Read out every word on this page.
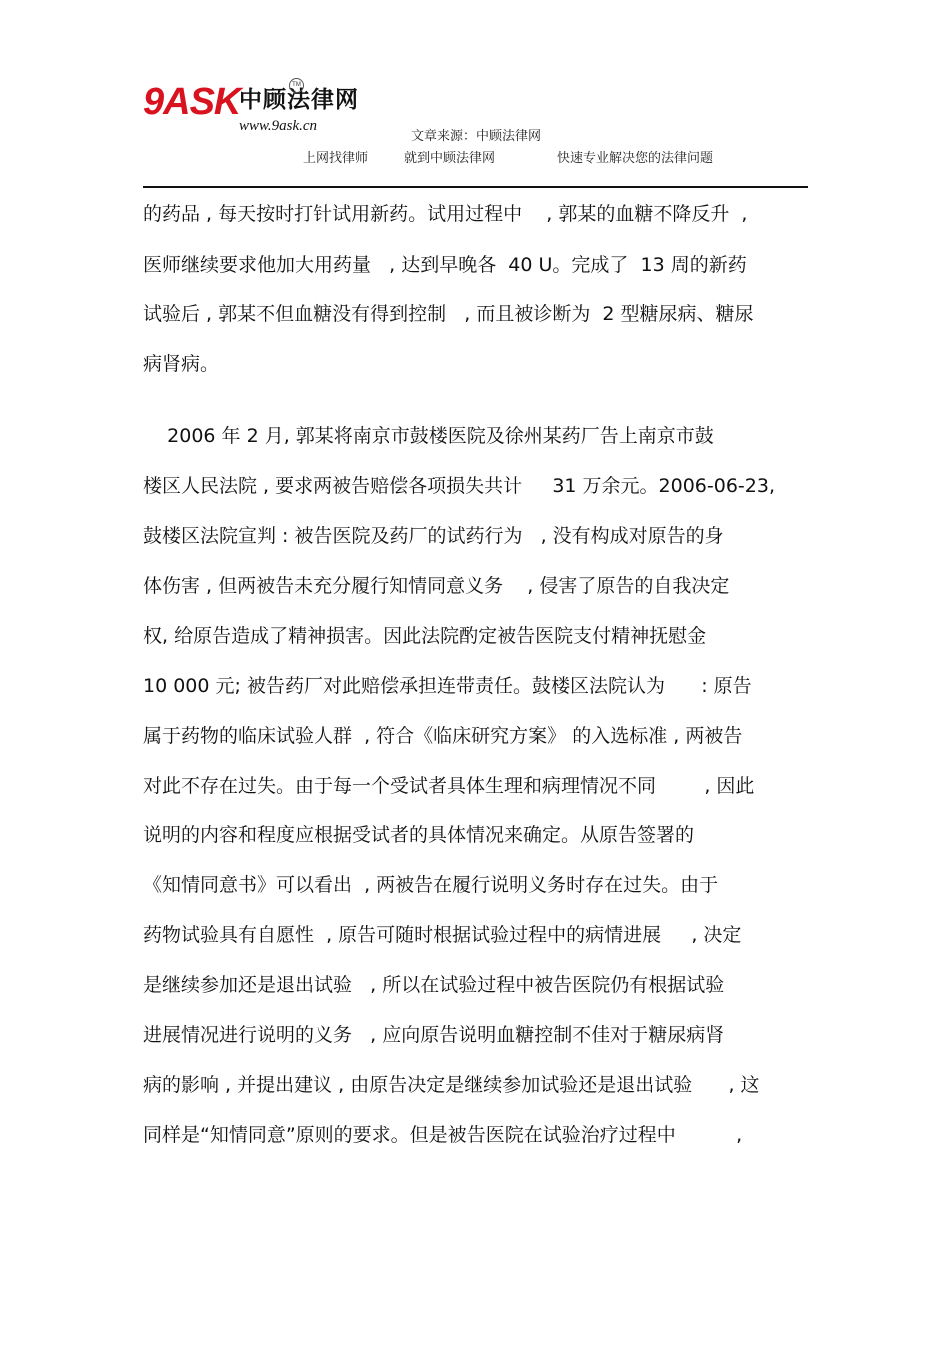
9ASK
中顾法律网
TM
www.9ask.cn
文章来源：中顾法律网
上网找律师	就到中顾法律网	快速专业解决您的法律问题
的药品 , 每天按时打针试用新药。试用过程中    , 郭某的血糖不降反升  ,
医师继续要求他加大用药量   , 达到早晚各  40 U。完成了  13 周的新药
试验后 , 郭某不但血糖没有得到控制   , 而且被诊断为  2 型糖尿病、糖尿
病肾病。
2006 年 2 月, 郭某将南京市鼓楼医院及徐州某药厂告上南京市鼓
楼区人民法院 , 要求两被告赔偿各项损失共计     31 万余元。2006-06-23,
鼓楼区法院宣判 : 被告医院及药厂的试药行为   , 没有构成对原告的身
体伤害 , 但两被告未充分履行知情同意义务    , 侵害了原告的自我决定
权, 给原告造成了精神损害。因此法院酌定被告医院支付精神抚慰金
10 000 元; 被告药厂对此赔偿承担连带责任。鼓楼区法院认为      : 原告
属于药物的临床试验人群  , 符合《临床研究方案》 的入选标准 , 两被告
对此不存在过失。由于每一个受试者具体生理和病理情况不同        , 因此
说明的内容和程度应根据受试者的具体情况来确定。从原告签署的
《知情同意书》可以看出  , 两被告在履行说明义务时存在过失。由于
药物试验具有自愿性  , 原告可随时根据试验过程中的病情进展     , 决定
是继续参加还是退出试验   , 所以在试验过程中被告医院仍有根据试验
进展情况进行说明的义务   , 应向原告说明血糖控制不佳对于糖尿病肾
病的影响 , 并提出建议 , 由原告决定是继续参加试验还是退出试验      , 这
同样是“知情同意”原则的要求。但是被告医院在试验治疗过程中          ,
